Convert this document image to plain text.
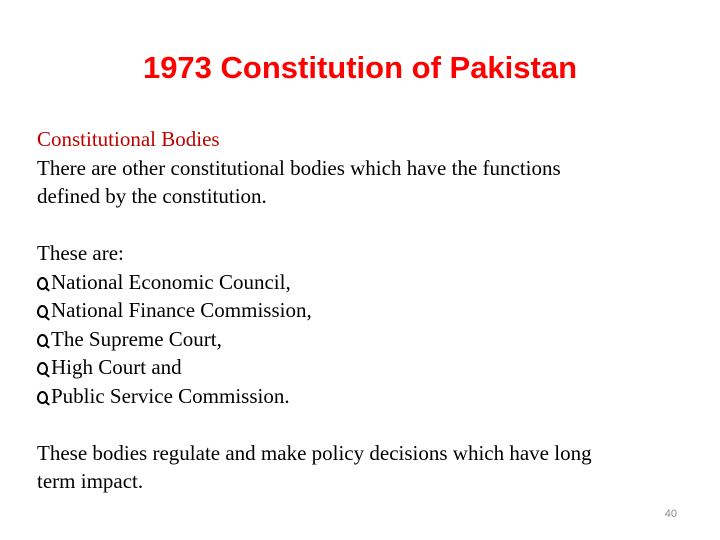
1973 Constitution of Pakistan
Constitutional Bodies
There are other constitutional bodies which have the functions
defined by the constitution.
These are:
National Economic Council,
National Finance Commission,
The Supreme Court,
High Court and
Public Service Commission.
These bodies regulate and make policy decisions which have long
term impact.
40
